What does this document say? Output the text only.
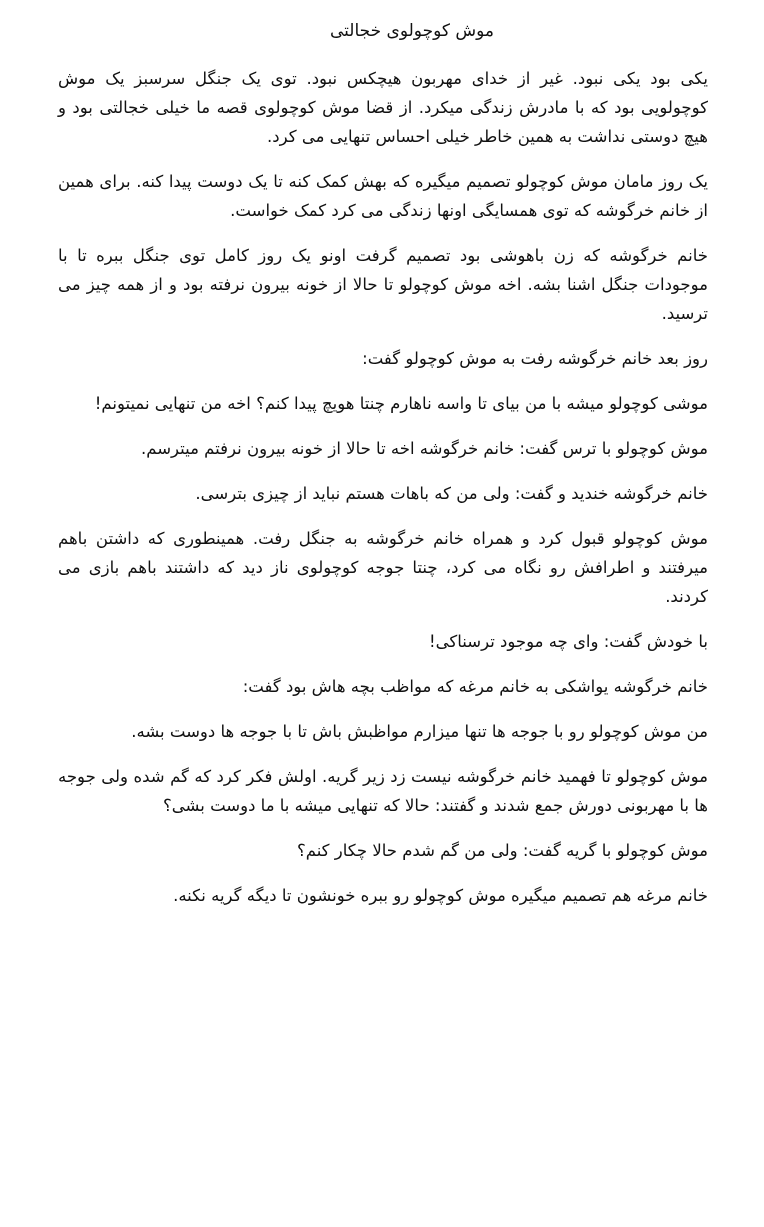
موش کوچولوی خجالتی

یکی بود یکی نبود. غیر از خدای مهربون هیچکس نبود. توی یک جنگل سرسبز یک موش کوچولویی بود که با مادرش زندگی میکرد. از قضا موش کوچولوی قصه ما خیلی خجالتی بود و هیچ دوستی نداشت به همین خاطر خیلی احساس تنهایی می کرد.

یک روز مامان موش کوچولو تصمیم میگیره که بهش کمک کنه تا یک دوست پیدا کنه. برای همین از خانم خرگوشه که توی همسایگی اونها زندگی می کرد کمک خواست.

خانم خرگوشه که زن باهوشی بود تصمیم گرفت اونو یک روز کامل توی جنگل ببره تا با موجودات جنگل اشنا بشه. اخه موش کوچولو تا حالا از خونه بیرون نرفته بود و از همه چیز می ترسید.

روز بعد خانم خرگوشه رفت به موش کوچولو گفت:

موشی کوچولو میشه با من بیای تا واسه ناهارم چنتا هویچ پیدا کنم؟ اخه من تنهایی نمیتونم!

موش کوچولو با ترس گفت: خانم خرگوشه اخه تا حالا از خونه بیرون نرفتم میترسم.

خانم خرگوشه خندید و گفت: ولی من که باهات هستم نباید از چیزی بترسی.

موش کوچولو قبول کرد و همراه خانم خرگوشه به جنگل رفت. همینطوری که داشتن باهم میرفتند و اطرافش رو نگاه می کرد، چنتا جوجه کوچولوی ناز دید که داشتند باهم بازی می کردند.

با خودش گفت: وای چه موجود ترسناکی!

خانم خرگوشه یواشکی به خانم مرغه که مواظب بچه هاش بود گفت:

من موش کوچولو رو با جوجه ها تنها میزارم مواظبش باش تا با جوجه ها دوست بشه.

موش کوچولو تا فهمید خانم خرگوشه نیست زد زیر گریه. اولش فکر کرد که گم شده ولی جوجه ها با مهربونی دورش جمع شدند و گفتند: حالا که تنهایی میشه با ما دوست بشی؟

موش کوچولو با گریه گفت: ولی من گم شدم حالا چکار کنم؟

خانم مرغه هم تصمیم میگیره موش کوچولو رو ببره خونشون تا دیگه گریه نکنه.
